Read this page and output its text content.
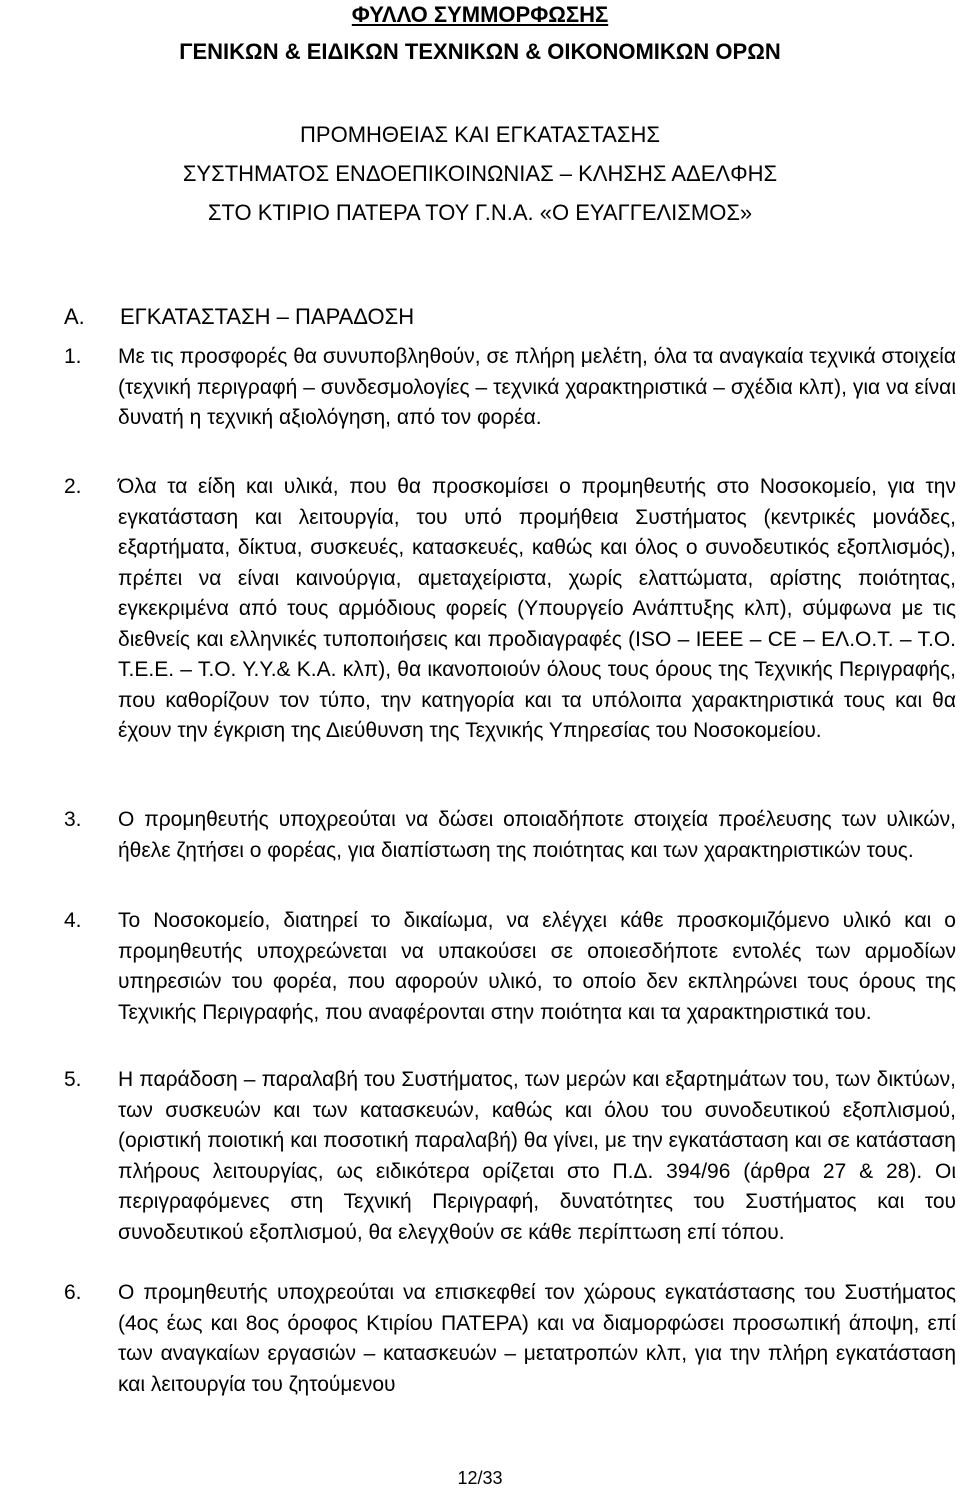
ΦΥΛΛΟ ΣΥΜΜΟΡΦΩΣΗΣ
ΓΕΝΙΚΩΝ & ΕΙΔΙΚΩΝ ΤΕΧΝΙΚΩΝ & ΟΙΚΟΝΟΜΙΚΩΝ ΟΡΩΝ
ΠΡΟΜΗΘΕΙΑΣ ΚΑΙ ΕΓΚΑΤΑΣΤΑΣΗΣ
ΣΥΣΤΗΜΑΤΟΣ ΕΝΔΟΕΠΙΚΟΙΝΩΝΙΑΣ – ΚΛΗΣΗΣ ΑΔΕΛΦΗΣ
ΣΤΟ ΚΤΙΡΙΟ ΠΑΤΕΡΑ ΤΟΥ Γ.Ν.Α. «Ο ΕΥΑΓΓΕΛΙΣΜΟΣ»
Α. ΕΓΚΑΤΑΣΤΑΣΗ – ΠΑΡΑΔΟΣΗ
1. Με τις προσφορές θα συνυποβληθούν, σε πλήρη μελέτη, όλα τα αναγκαία τεχνικά στοιχεία (τεχνική περιγραφή – συνδεσμολογίες – τεχνικά χαρακτηριστικά – σχέδια κλπ), για να είναι δυνατή η τεχνική αξιολόγηση, από τον φορέα.
2. Όλα τα είδη και υλικά, που θα προσκομίσει ο προμηθευτής στο Νοσοκομείο, για την εγκατάσταση και λειτουργία, του υπό προμήθεια Συστήματος (κεντρικές μονάδες, εξαρτήματα, δίκτυα, συσκευές, κατασκευές, καθώς και όλος ο συνοδευτικός εξοπλισμός), πρέπει να είναι καινούργια, αμεταχείριστα, χωρίς ελαττώματα, αρίστης ποιότητας, εγκεκριμένα από τους αρμόδιους φορείς (Υπουργείο Ανάπτυξης κλπ), σύμφωνα με τις διεθνείς και ελληνικές τυποποιήσεις και προδιαγραφές (ISO – IEEE – CE – ΕΛ.Ο.Τ. – Τ.Ο. Τ.Ε.Ε. – Τ.Ο. Υ.Υ.& Κ.Α. κλπ), θα ικανοποιούν όλους τους όρους της Τεχνικής Περιγραφής, που καθορίζουν τον τύπο, την κατηγορία και τα υπόλοιπα χαρακτηριστικά τους και θα έχουν την έγκριση της Διεύθυνση της Τεχνικής Υπηρεσίας του Νοσοκομείου.
3. Ο προμηθευτής υποχρεούται να δώσει οποιαδήποτε στοιχεία προέλευσης των υλικών, ήθελε ζητήσει ο φορέας, για διαπίστωση της ποιότητας και των χαρακτηριστικών τους.
4. Το Νοσοκομείο, διατηρεί το δικαίωμα, να ελέγχει κάθε προσκομιζόμενο υλικό και ο προμηθευτής υποχρεώνεται να υπακούσει σε οποιεσδήποτε εντολές των αρμοδίων υπηρεσιών του φορέα, που αφορούν υλικό, το οποίο δεν εκπληρώνει τους όρους της Τεχνικής Περιγραφής, που αναφέρονται στην ποιότητα και τα χαρακτηριστικά του.
5. Η παράδοση – παραλαβή του Συστήματος, των μερών και εξαρτημάτων του, των δικτύων, των συσκευών και των κατασκευών, καθώς και όλου του συνοδευτικού εξοπλισμού, (οριστική ποιοτική και ποσοτική παραλαβή) θα γίνει, με την εγκατάσταση και σε κατάσταση πλήρους λειτουργίας, ως ειδικότερα ορίζεται στο Π.Δ. 394/96 (άρθρα 27 & 28). Οι περιγραφόμενες στη Τεχνική Περιγραφή, δυνατότητες του Συστήματος και του συνοδευτικού εξοπλισμού, θα ελεγχθούν σε κάθε περίπτωση επί τόπου.
6. Ο προμηθευτής υποχρεούται να επισκεφθεί τον χώρους εγκατάστασης του Συστήματος (4ος έως και 8ος όροφος Κτιρίου ΠΑΤΕΡΑ) και να διαμορφώσει προσωπική άποψη, επί των αναγκαίων εργασιών – κατασκευών – μετατροπών κλπ, για την πλήρη εγκατάσταση και λειτουργία του ζητούμενου
12/33
